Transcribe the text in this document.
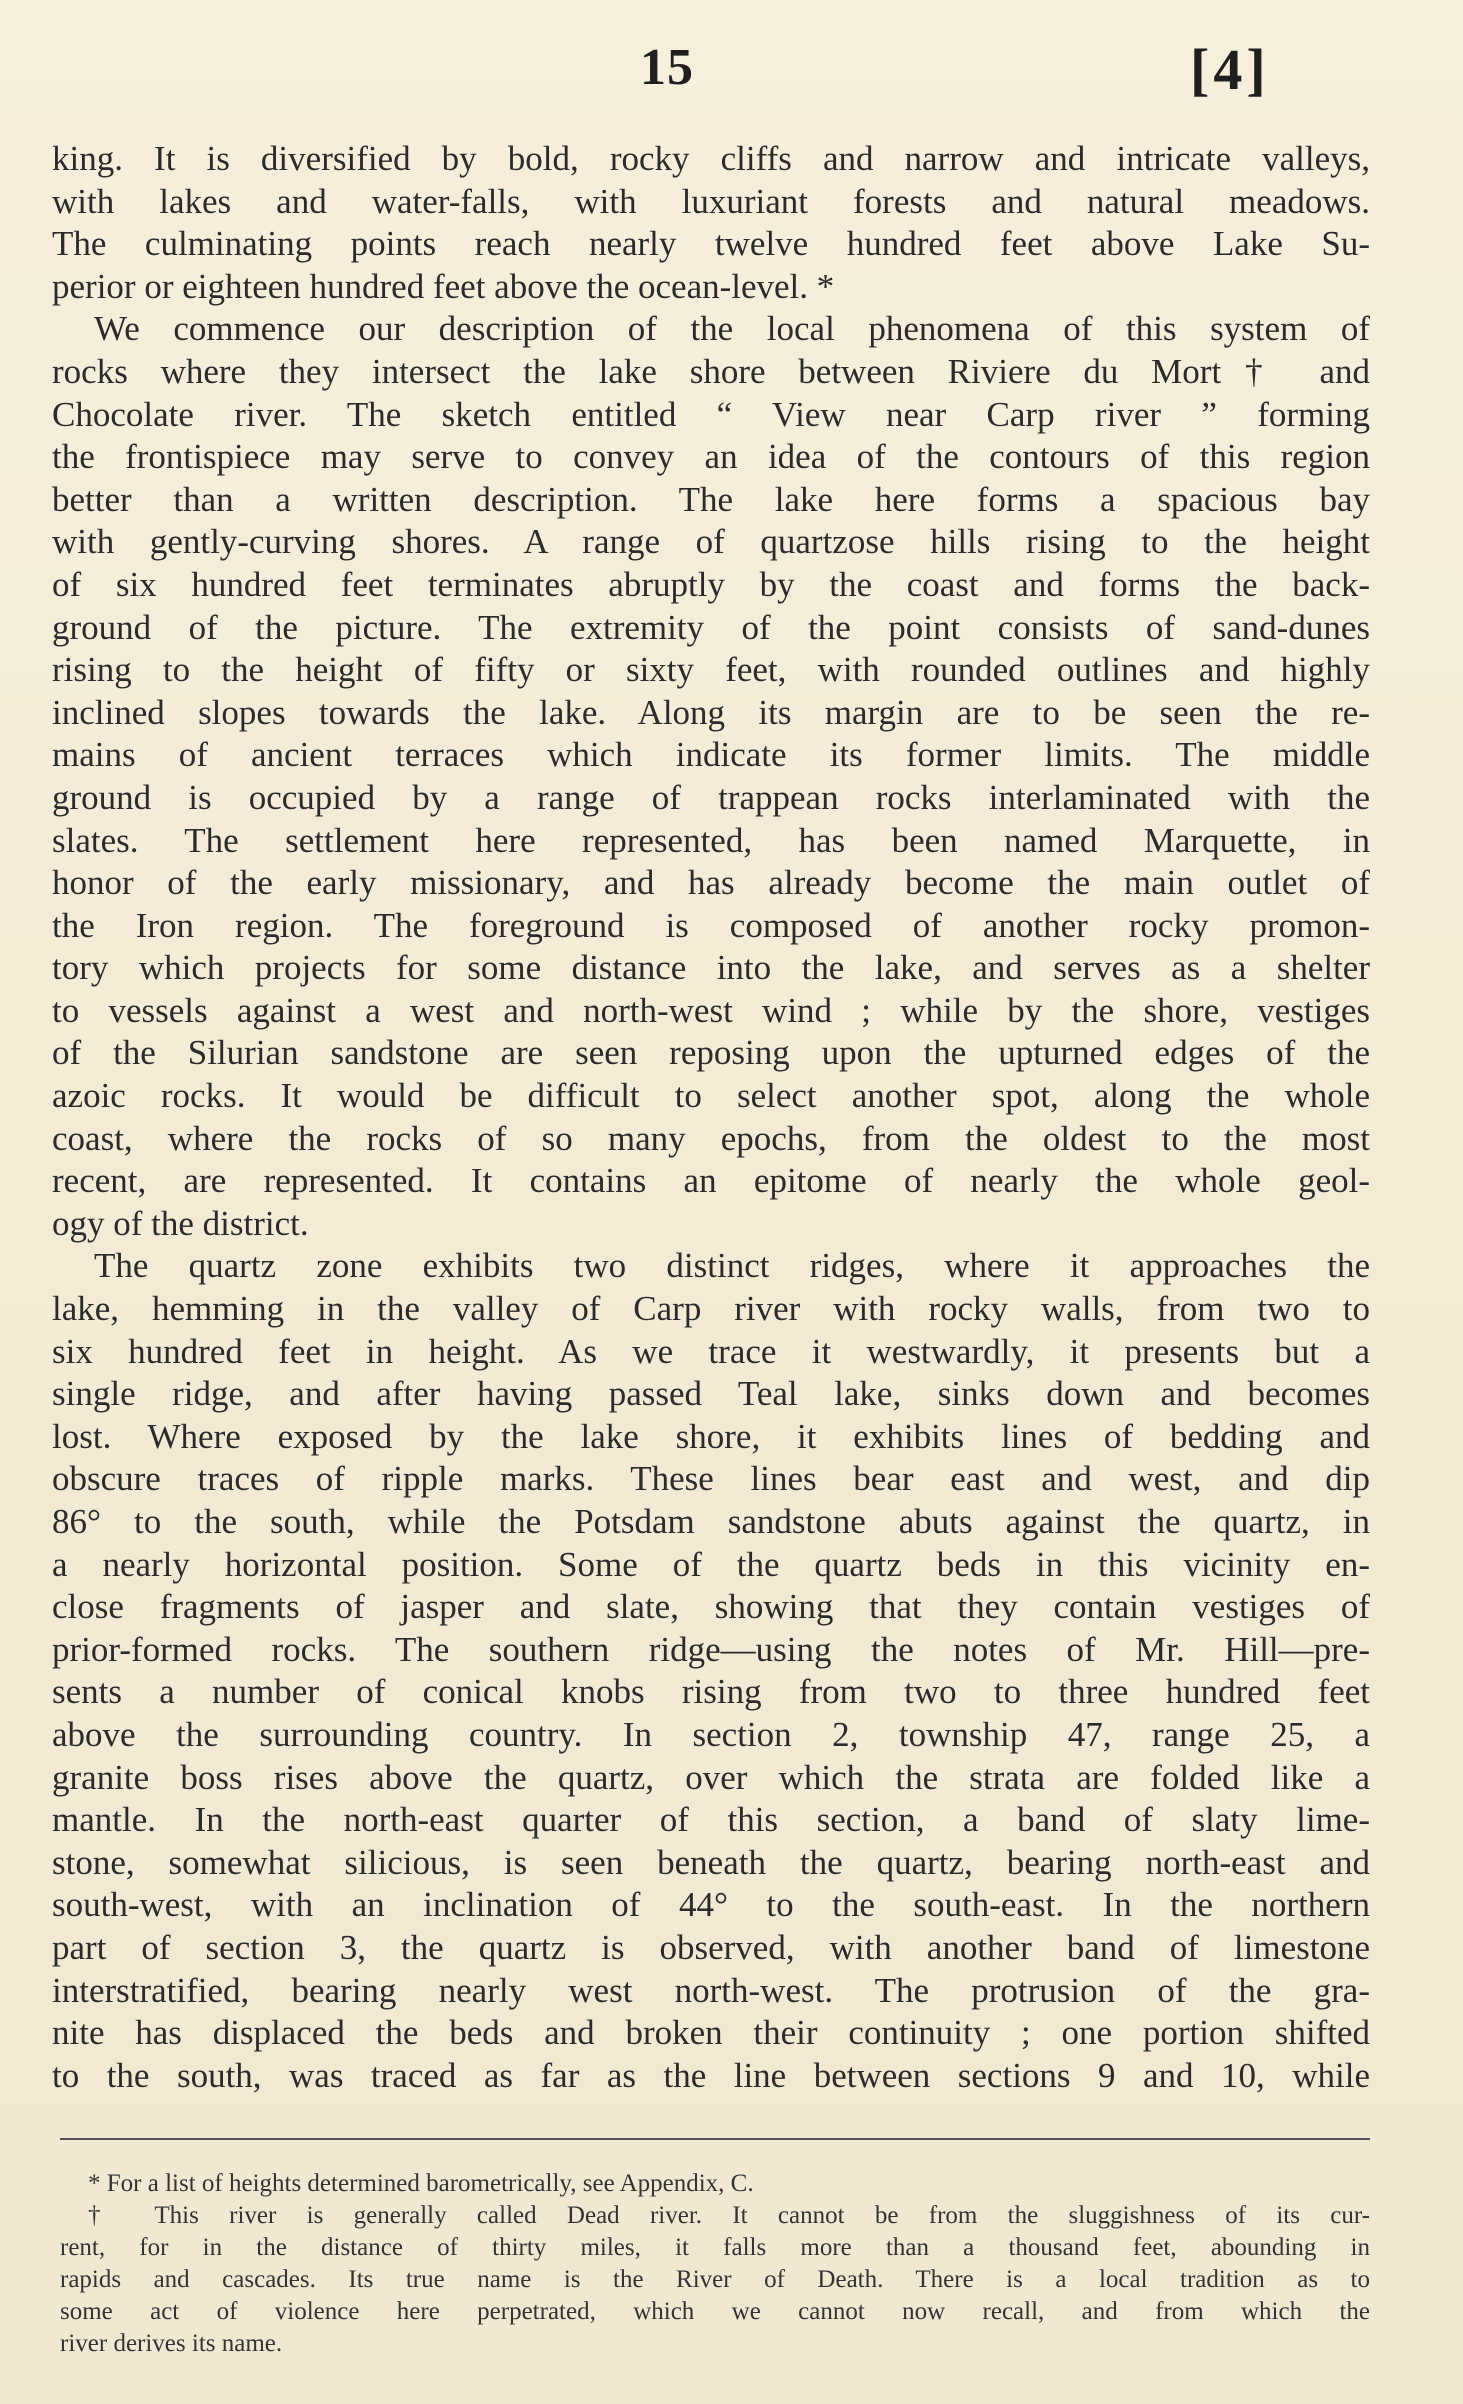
15	[4]
king. It is diversified by bold, rocky cliffs and narrow and intricate valleys,
with lakes and water-falls, with luxuriant forests and natural meadows.
The culminating points reach nearly twelve hundred feet above Lake Su-
perior or eighteen hundred feet above the ocean-level. *
We commence our description of the local phenomena of this system of
rocks where they intersect the lake shore between Riviere du Mort† and
Chocolate river. The sketch entitled “ View near Carp river ” forming
the frontispiece may serve to convey an idea of the contours of this region
better than a written description. The lake here forms a spacious bay
with gently-curving shores. A range of quartzose hills rising to the height
of six hundred feet terminates abruptly by the coast and forms the back-
ground of the picture. The extremity of the point consists of sand-dunes
rising to the height of fifty or sixty feet, with rounded outlines and highly
inclined slopes towards the lake. Along its margin are to be seen the re-
mains of ancient terraces which indicate its former limits. The middle
ground is occupied by a range of trappean rocks interlaminated with the
slates. The settlement here represented, has been named Marquette, in
honor of the early missionary, and has already become the main outlet of
the Iron region. The foreground is composed of another rocky promon-
tory which projects for some distance into the lake, and serves as a shelter
to vessels against a west and north-west wind ; while by the shore, vestiges
of the Silurian sandstone are seen reposing upon the upturned edges of the
azoic rocks. It would be difficult to select another spot, along the whole
coast, where the rocks of so many epochs, from the oldest to the most
recent, are represented. It contains an epitome of nearly the whole geol-
ogy of the district.
The quartz zone exhibits two distinct ridges, where it approaches the
lake, hemming in the valley of Carp river with rocky walls, from two to
six hundred feet in height. As we trace it westwardly, it presents but a
single ridge, and after having passed Teal lake, sinks down and becomes
lost. Where exposed by the lake shore, it exhibits lines of bedding and
obscure traces of ripple marks. These lines bear east and west, and dip
86° to the south, while the Potsdam sandstone abuts against the quartz, in
a nearly horizontal position. Some of the quartz beds in this vicinity en-
close fragments of jasper and slate, showing that they contain vestiges of
prior-formed rocks. The southern ridge—using the notes of Mr. Hill—pre-
sents a number of conical knobs rising from two to three hundred feet
above the surrounding country. In section 2, township 47, range 25, a
granite boss rises above the quartz, over which the strata are folded like a
mantle. In the north-east quarter of this section, a band of slaty lime-
stone, somewhat silicious, is seen beneath the quartz, bearing north-east and
south-west, with an inclination of 44° to the south-east. In the northern
part of section 3, the quartz is observed, with another band of limestone
interstratified, bearing nearly west north-west. The protrusion of the gra-
nite has displaced the beds and broken their continuity ; one portion shifted
to the south, was traced as far as the line between sections 9 and 10, while
* For a list of heights determined barometrically, see Appendix, C.
† This river is generally called Dead river. It cannot be from the sluggishness of its cur-
rent, for in the distance of thirty miles, it falls more than a thousand feet, abounding in
rapids and cascades. Its true name is the River of Death. There is a local tradition as to
some act of violence here perpetrated, which we cannot now recall, and from which the
river derives its name.
